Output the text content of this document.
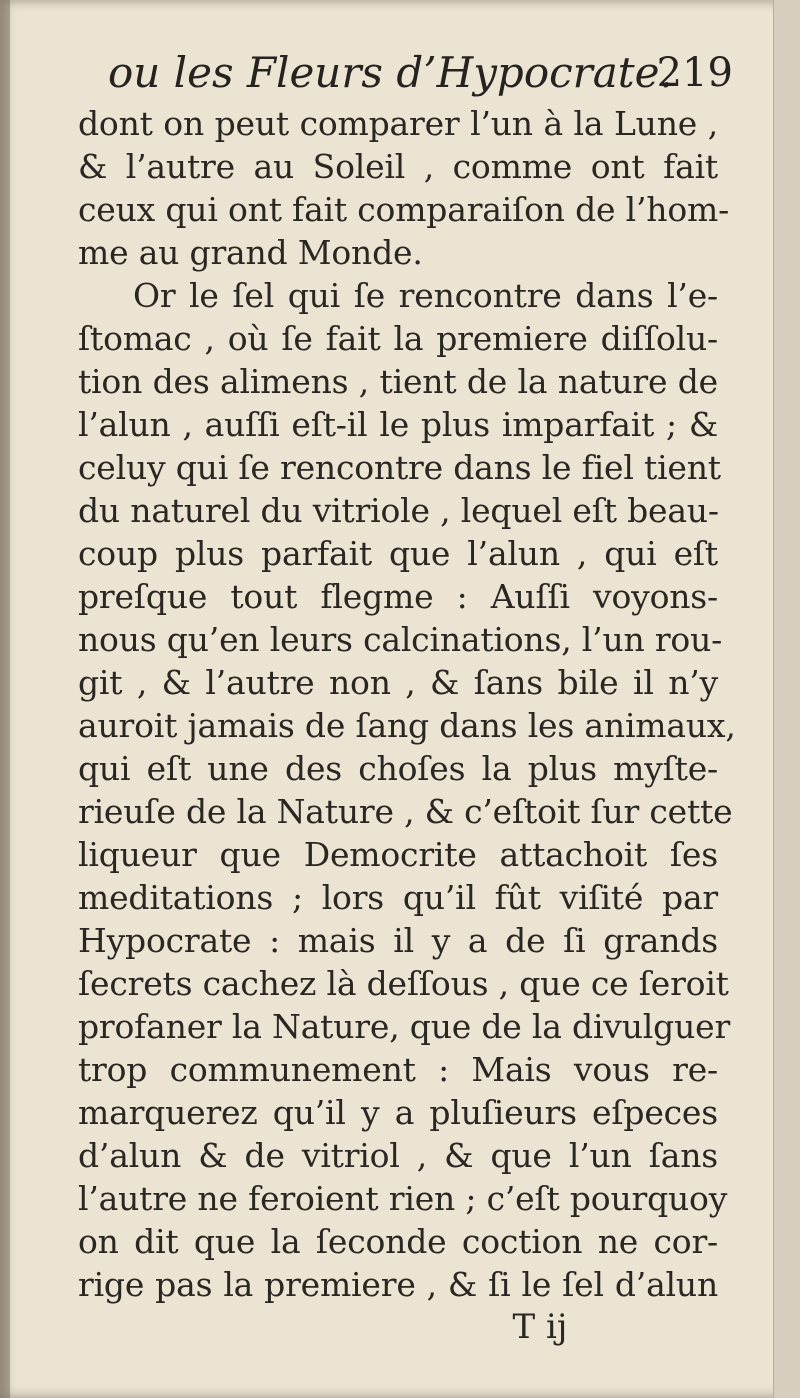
ou les Fleurs d’Hypocrate.
219
dont on peut comparer l’un à la Lune ,
& l’autre au Soleil , comme ont fait
ceux qui ont fait comparaiſon de l’hom-
me au grand Monde.
Or le ſel qui ſe rencontre dans l’e-
ſtomac , où ſe fait la premiere diſſolu-
tion des alimens , tient de la nature de
l’alun , auſſi eſt-il le plus imparfait ; &
celuy qui ſe rencontre dans le fiel tient
du naturel du vitriole , lequel eſt beau-
coup plus parfait que l’alun , qui eſt
preſque tout flegme : Auſſi voyons-
nous qu’en leurs calcinations, l’un rou-
git , & l’autre non , & ſans bile il n’y
auroit jamais de ſang dans les animaux,
qui eſt une des choſes la plus myſte-
rieuſe de la Nature , & c’eſtoit ſur cette
liqueur que Democrite attachoit ſes
meditations ; lors qu’il fût viſité par
Hypocrate : mais il y a de ſi grands
ſecrets cachez là deſſous , que ce ſeroit
profaner la Nature, que de la divulguer
trop communement : Mais vous re-
marquerez qu’il y a pluſieurs eſpeces
d’alun & de vitriol , & que l’un ſans
l’autre ne feroient rien ; c’eſt pourquoy
on dit que la ſeconde coction ne cor-
rige pas la premiere , & ſi le ſel d’alun
T ij
